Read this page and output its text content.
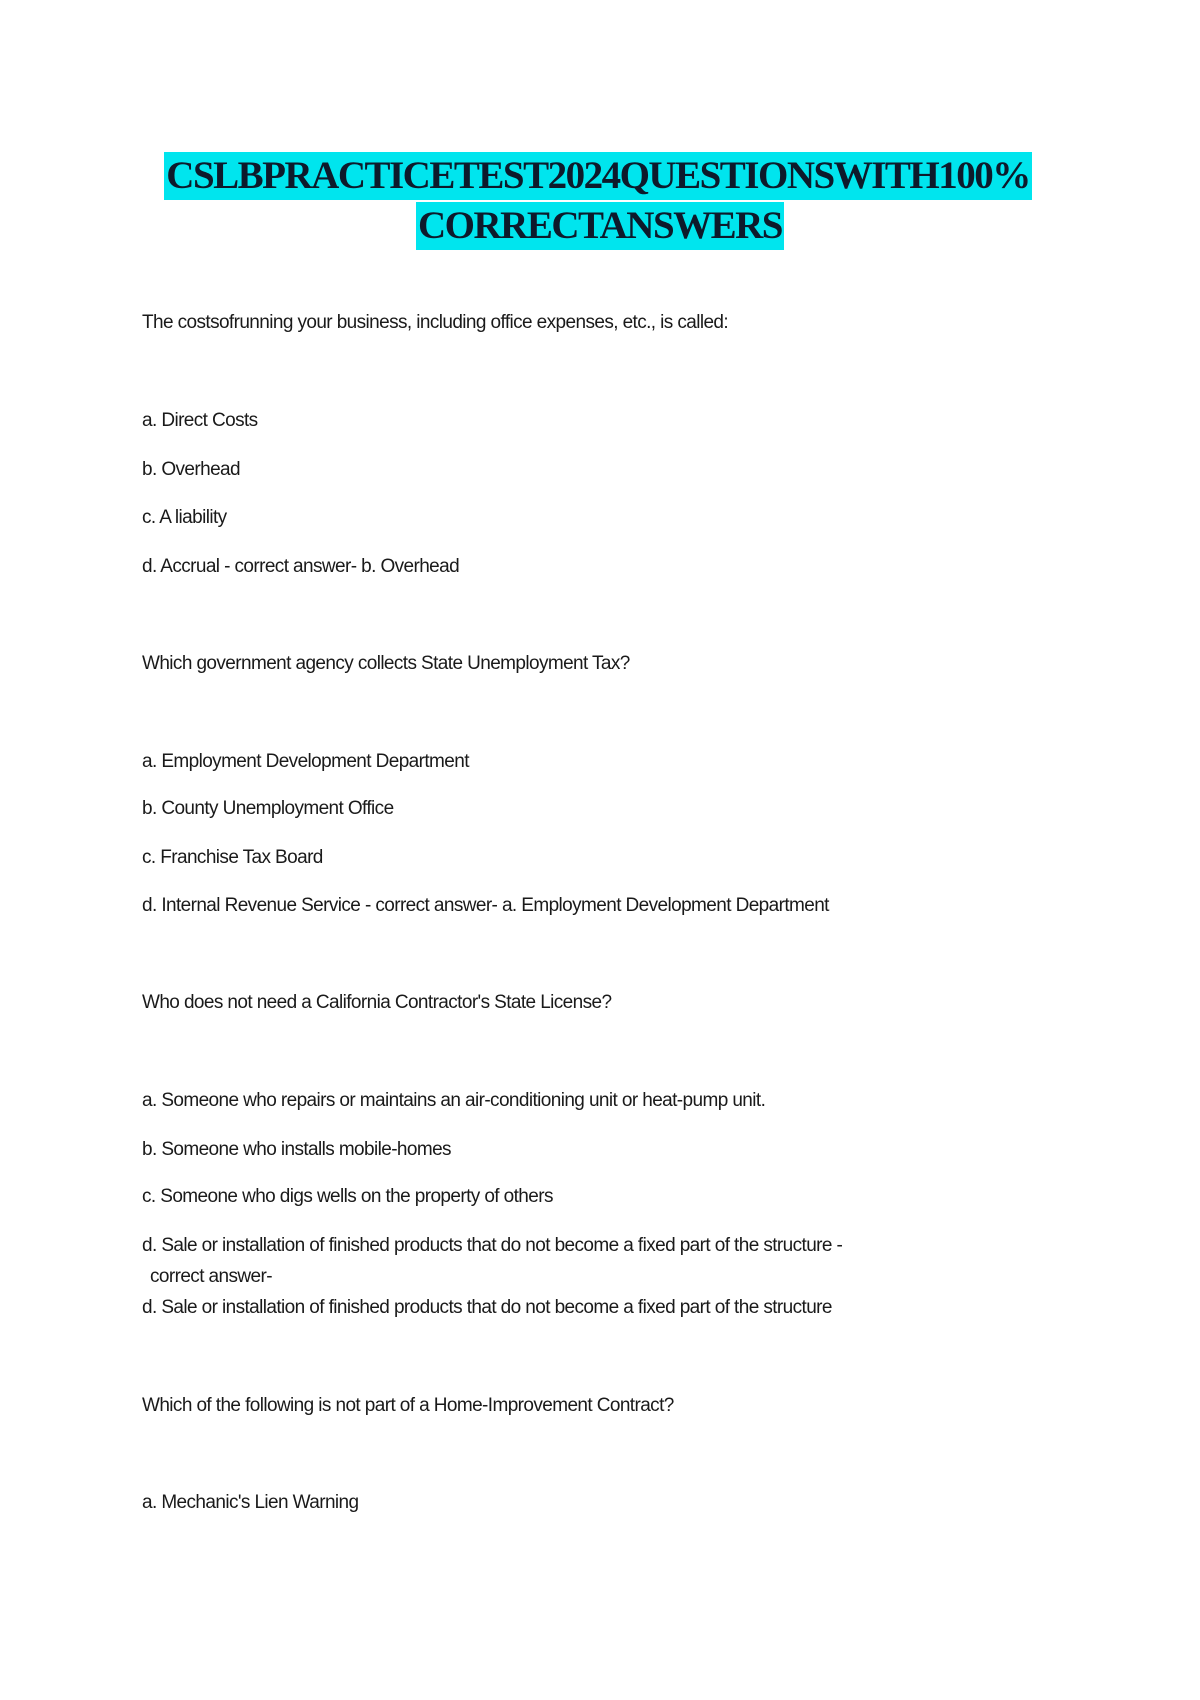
CSLBPRACTICETEST2024QUESTIONSWITH100%
CORRECTANSWERS
The costsofrunning your business, including office expenses, etc., is called:
a. Direct Costs
b. Overhead
c. A liability
d. Accrual - correct answer- b. Overhead
Which government agency collects State Unemployment Tax?
a. Employment Development Department
b. County Unemployment Office
c. Franchise Tax Board
d. Internal Revenue Service - correct answer- a. Employment Development Department
Who does not need a California Contractor's State License?
a. Someone who repairs or maintains an air-conditioning unit or heat-pump unit.
b. Someone who installs mobile-homes
c. Someone who digs wells on the property of others
d. Sale or installation of finished products that do not become a fixed part of the structure -
correct answer-
d. Sale or installation of finished products that do not become a fixed part of the structure
Which of the following is not part of a Home-Improvement Contract?
a. Mechanic's Lien Warning
